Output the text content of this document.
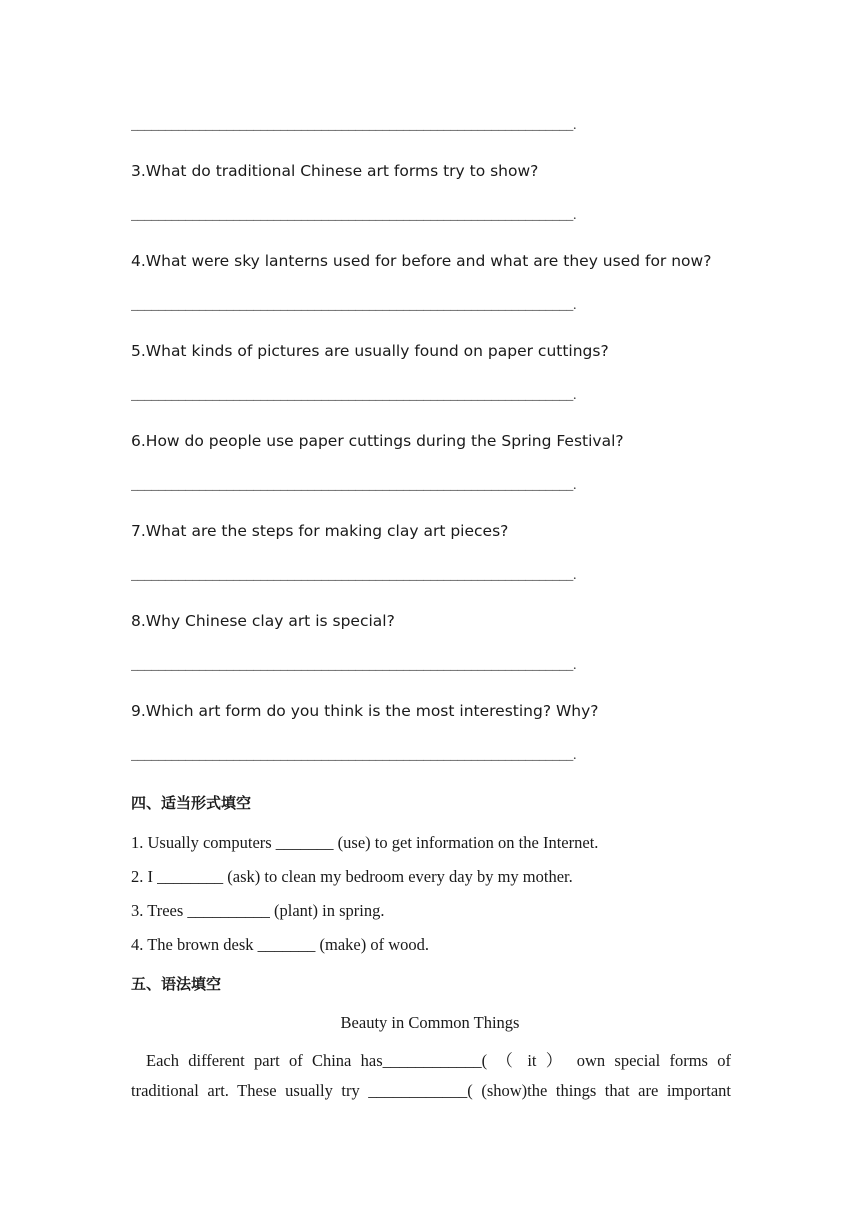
_________________________________________________________________.
3.What do traditional Chinese art forms try to show?
_________________________________________________________________.
4.What were sky lanterns used for before and what are they used for now?
_________________________________________________________________.
5.What kinds of pictures are usually found on paper cuttings?
_________________________________________________________________.
6.How do people use paper cuttings during the Spring Festival?
_________________________________________________________________.
7.What are the steps for making clay art pieces?
_________________________________________________________________.
8.Why Chinese clay art is special?
_________________________________________________________________.
9.Which art form do you think is the most interesting? Why?
_________________________________________________________________.
四、适当形式填空
1. Usually computers _______ (use) to get information on the Internet.
2. I ________ (ask) to clean my bedroom every day by my mother.
3. Trees __________ (plant) in spring.
4. The brown desk _______ (make) of wood.
五、语法填空
Beauty in Common Things
Each different part of China has____________( （ it ） own special forms of
traditional art. These usually try ____________( (show)the things that are important
